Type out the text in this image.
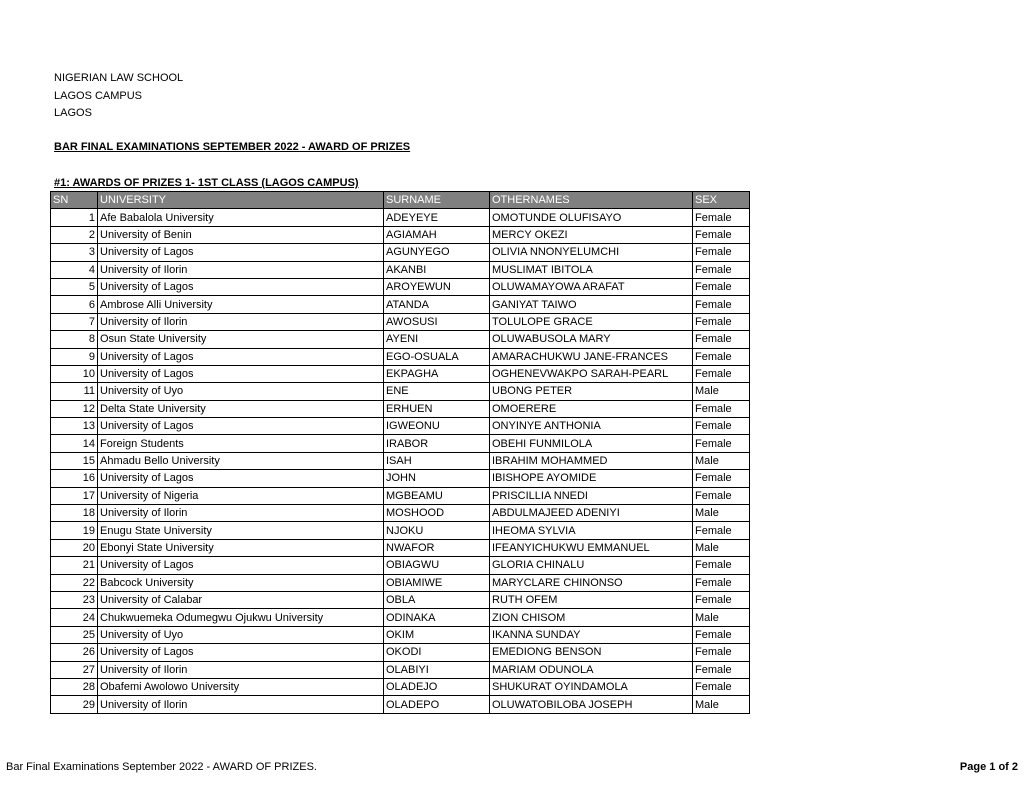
NIGERIAN LAW SCHOOL
LAGOS CAMPUS
LAGOS
BAR FINAL EXAMINATIONS SEPTEMBER 2022 - AWARD OF PRIZES
#1: AWARDS OF PRIZES 1- 1ST CLASS (LAGOS CAMPUS)
SN	UNIVERSITY	SURNAME	OTHERNAMES	SEX
1	Afe Babalola University	ADEYEYE	OMOTUNDE OLUFISAYO	Female
2	University of Benin	AGIAMAH	MERCY OKEZI	Female
3	University of Lagos	AGUNYEGO	OLIVIA NNONYELUMCHI	Female
4	University of Ilorin	AKANBI	MUSLIMAT IBITOLA	Female
5	University of Lagos	AROYEWUN	OLUWAMAYOWA ARAFAT	Female
6	Ambrose Alli University	ATANDA	GANIYAT TAIWO	Female
7	University of Ilorin	AWOSUSI	TOLULOPE GRACE	Female
8	Osun State University	AYENI	OLUWABUSOLA MARY	Female
9	University of Lagos	EGO-OSUALA	AMARACHUKWU JANE-FRANCES	Female
10	University of Lagos	EKPAGHA	OGHENEVWAKPO SARAH-PEARL	Female
11	University of Uyo	ENE	UBONG PETER	Male
12	Delta State University	ERHUEN	OMOERERE	Female
13	University of Lagos	IGWEONU	ONYINYE ANTHONIA	Female
14	Foreign Students	IRABOR	OBEHI FUNMILOLA	Female
15	Ahmadu Bello University	ISAH	IBRAHIM MOHAMMED	Male
16	University of Lagos	JOHN	IBISHOPE AYOMIDE	Female
17	University of Nigeria	MGBEAMU	PRISCILLIA NNEDI	Female
18	University of Ilorin	MOSHOOD	ABDULMAJEED ADENIYI	Male
19	Enugu State University	NJOKU	IHEOMA SYLVIA	Female
20	Ebonyi State University	NWAFOR	IFEANYICHUKWU EMMANUEL	Male
21	University of Lagos	OBIAGWU	GLORIA CHINALU	Female
22	Babcock University	OBIAMIWE	MARYCLARE CHINONSO	Female
23	University of Calabar	OBLA	RUTH OFEM	Female
24	Chukwuemeka Odumegwu Ojukwu University	ODINAKA	ZION CHISOM	Male
25	University of Uyo	OKIM	IKANNA SUNDAY	Female
26	University of Lagos	OKODI	EMEDIONG BENSON	Female
27	University of Ilorin	OLABIYI	MARIAM ODUNOLA	Female
28	Obafemi Awolowo University	OLADEJO	SHUKURAT OYINDAMOLA	Female
29	University of Ilorin	OLADEPO	OLUWATOBILOBA JOSEPH	Male
Bar Final Examinations September 2022 - AWARD OF PRIZES.	Page 1 of 2
